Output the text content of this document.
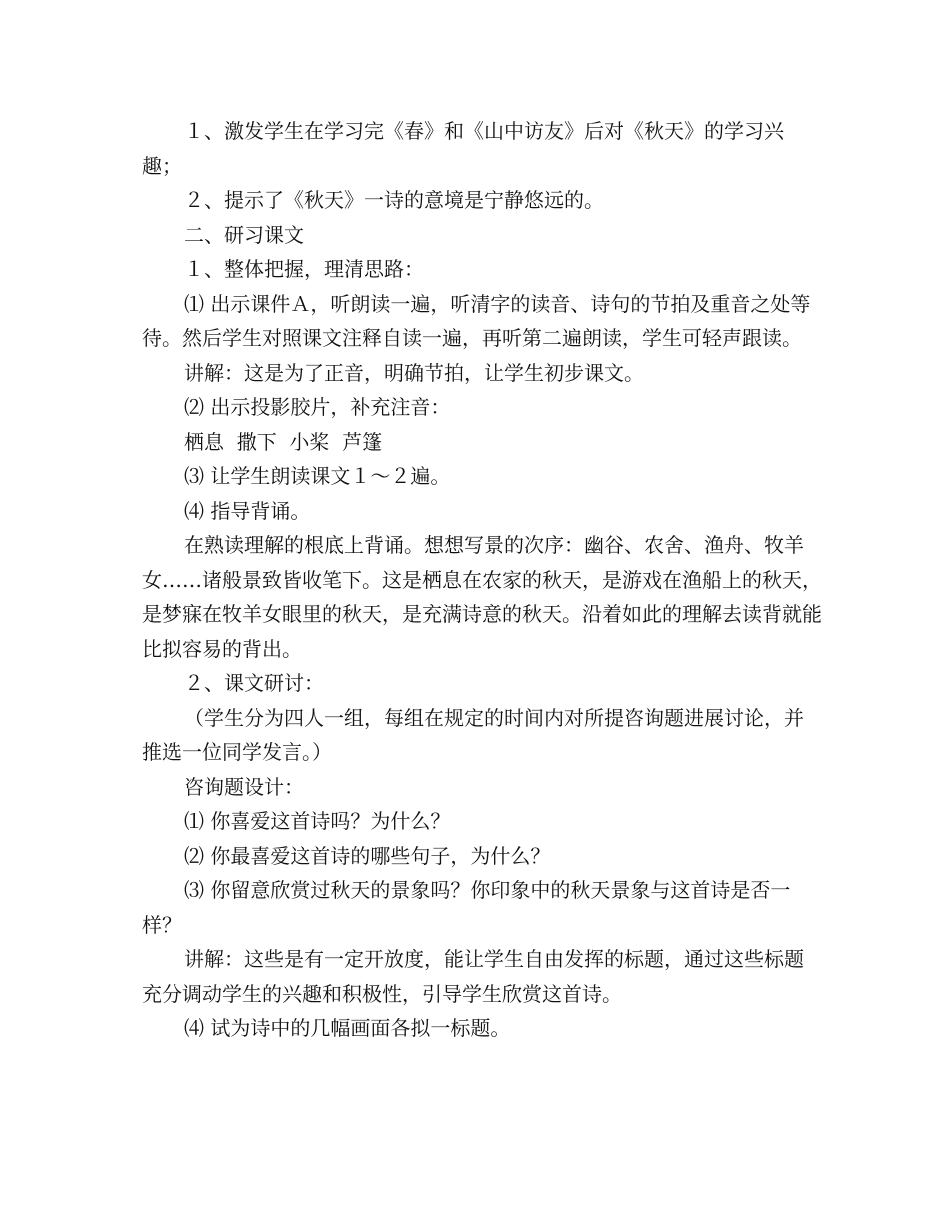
１、激发学生在学习完《春》和《山中访友》后对《秋天》的学习兴趣；

２、提示了《秋天》一诗的意境是宁静悠远的。

二、研习课文

１、整体把握，理清思路：

⑴ 出示课件Ａ，听朗读一遍，听清字的读音、诗句的节拍及重音之处等待。然后学生对照课文注释自读一遍，再听第二遍朗读，学生可轻声跟读。

讲解：这是为了正音，明确节拍，让学生初步课文。

⑵ 出示投影胶片，补充注音：

栖息  撒下  小桨  芦篷

⑶ 让学生朗读课文１～２遍。

⑷ 指导背诵。

在熟读理解的根底上背诵。想想写景的次序：幽谷、农舍、渔舟、牧羊女……诸般景致皆收笔下。这是栖息在农家的秋天，是游戏在渔船上的秋天，是梦寐在牧羊女眼里的秋天，是充满诗意的秋天。沿着如此的理解去读背就能比拟容易的背出。

２、课文研讨：

（学生分为四人一组，每组在规定的时间内对所提咨询题进展讨论，并推选一位同学发言。）

咨询题设计：

⑴ 你喜爱这首诗吗？为什么？

⑵ 你最喜爱这首诗的哪些句子，为什么？

⑶ 你留意欣赏过秋天的景象吗？你印象中的秋天景象与这首诗是否一样？

讲解：这些是有一定开放度，能让学生自由发挥的标题，通过这些标题充分调动学生的兴趣和积极性，引导学生欣赏这首诗。

⑷ 试为诗中的几幅画面各拟一标题。
